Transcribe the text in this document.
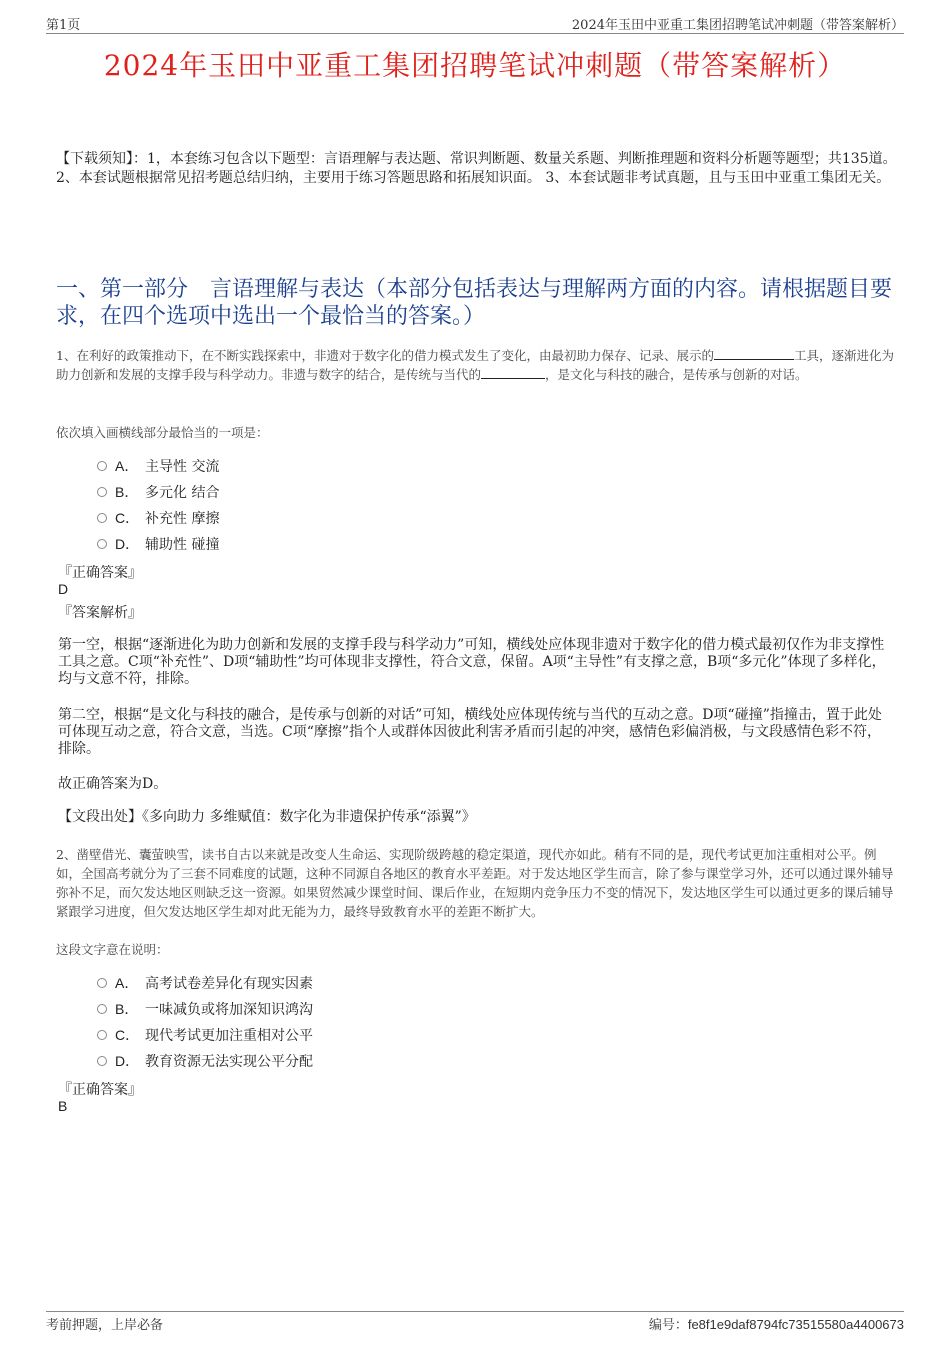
第1页	2024年玉田中亚重工集团招聘笔试冲刺题（带答案解析）
2024年玉田中亚重工集团招聘笔试冲刺题（带答案解析）
【下载须知】：1，本套练习包含以下题型：言语理解与表达题、常识判断题、数量关系题、判断推理题和资料分析题等题型；共135道。 2、本套试题根据常见招考题总结归纳，主要用于练习答题思路和拓展知识面。 3、本套试题非考试真题，且与玉田中亚重工集团无关。
一、第一部分　言语理解与表达（本部分包括表达与理解两方面的内容。请根据题目要求，在四个选项中选出一个最恰当的答案。）
1、在利好的政策推动下，在不断实践探索中，非遗对于数字化的借力模式发生了变化，由最初助力保存、记录、展示的	工具，逐渐进化为助力创新和发展的支撑手段与科学动力。非遗与数字的结合，是传统与当代的	，是文化与科技的融合，是传承与创新的对话。
依次填入画横线部分最恰当的一项是：
A． 主导性 交流
B． 多元化 结合
C． 补充性 摩擦
D． 辅助性 碰撞
『正确答案』
D
『答案解析』
第一空，根据“逐渐进化为助力创新和发展的支撑手段与科学动力”可知，横线处应体现非遗对于数字化的借力模式最初仅作为非支撑性工具之意。C项“补充性”、D项“辅助性”均可体现非支撑性，符合文意，保留。A项“主导性”有支撑之意，B项“多元化”体现了多样化，均与文意不符，排除。
第二空，根据“是文化与科技的融合，是传承与创新的对话”可知，横线处应体现传统与当代的互动之意。D项“碰撞”指撞击，置于此处可体现互动之意，符合文意，当选。C项“摩擦”指个人或群体因彼此利害矛盾而引起的冲突，感情色彩偏消极，与文段感情色彩不符，排除。
故正确答案为D。
【文段出处】《多向助力 多维赋值：数字化为非遗保护传承“添翼”》
2、凿壁借光、囊萤映雪，读书自古以来就是改变人生命运、实现阶级跨越的稳定渠道，现代亦如此。稍有不同的是，现代考试更加注重相对公平。例如，全国高考就分为了三套不同难度的试题，这种不同源自各地区的教育水平差距。对于发达地区学生而言，除了参与课堂学习外，还可以通过课外辅导弥补不足，而欠发达地区则缺乏这一资源。如果贸然减少课堂时间、课后作业，在短期内竞争压力不变的情况下，发达地区学生可以通过更多的课后辅导紧跟学习进度，但欠发达地区学生却对此无能为力，最终导致教育水平的差距不断扩大。
这段文字意在说明：
A． 高考试卷差异化有现实因素
B． 一味减负或将加深知识鸿沟
C． 现代考试更加注重相对公平
D． 教育资源无法实现公平分配
『正确答案』
B
考前押题，上岸必备	编号：fe8f1e9daf8794fc73515580a4400673
